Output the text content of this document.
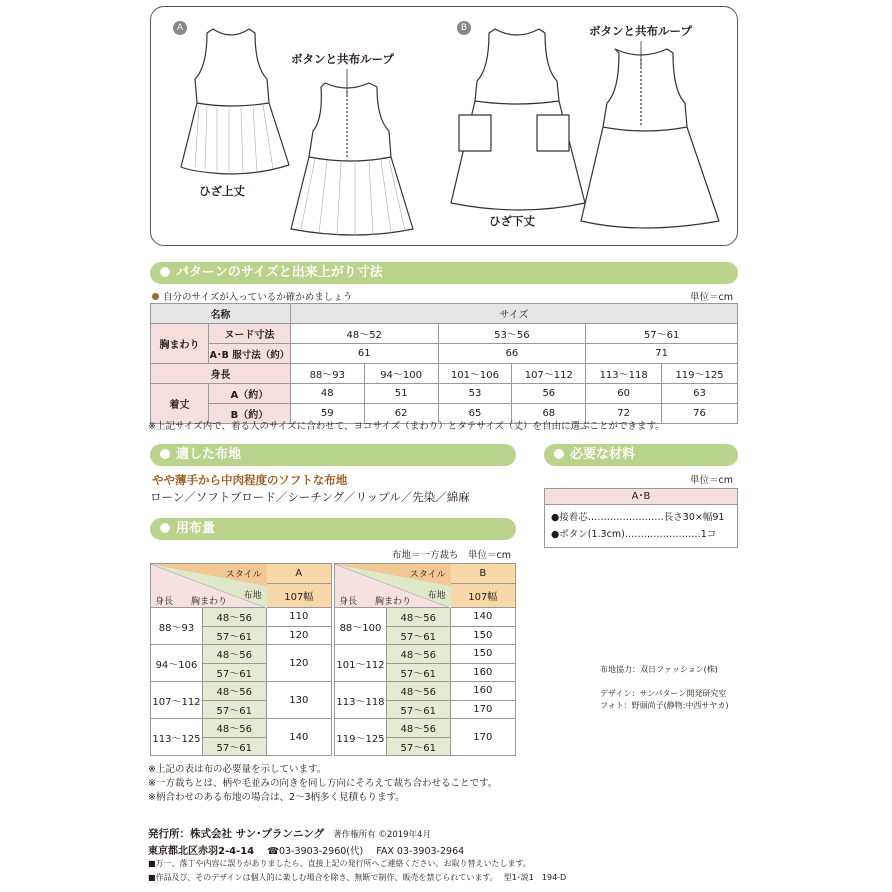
A	B
ひざ上丈
ひざ下丈
ボタンと共布ループ
ボタンと共布ループ
パターンのサイズと出来上がり寸法
自分のサイズが入っているか確かめましょう	単位＝cm
名称		サイズ					
胸まわり	ヌード寸法	48〜52		53〜56		57〜61	
	A･B 服寸法（約）	61		66		71	
身長		88〜93	94〜100	101〜106	107〜112	113〜118	119〜125
着丈	A（約）	48	51	53	56	60	63
	B（約）	59	62	65	68	72	76
※上記サイズ内で、着る人のサイズに合わせて、ヨコサイズ（まわり）とタテサイズ（丈）を自由に選ぶことができます。
適した布地
やや薄手から中肉程度のソフトな布地
ローン／ソフトブロード／シーチング／リップル／先染／綿麻
必要な材料
単位＝cm
A･B
●接着芯……………………長さ30×幅91
●ボタン(1.3cm)……………………1コ
用布量
布地＝一方裁ち　単位＝cm
スタイル
布地
身長 胸まわり		A
		107幅
88〜93	48〜56	110
	57〜61	120
94〜106	48〜56	120
	57〜61	
107〜112	48〜56	130
	57〜61	
113〜125	48〜56	140
	57〜61	
スタイル
布地
身長 胸まわり		B
		107幅
88〜100	48〜56	140
	57〜61	150
101〜112	48〜56	150
	57〜61	160
113〜118	48〜56	160
	57〜61	170
119〜125	48〜56	170
	57〜61	
※上記の表は布の必要量を示しています。
※一方裁ちとは、柄や毛並みの向きを同し方向にそろえて裁ち合わせることです。
※柄合わせのある布地の場合は、2〜3柄多く見積もります。
布地協力：双日ファッション(株)
デザイン：サンパターン開発研究室
フォト：野頭尚子(静物:中西サヤカ)
発行所：株式会社 サン･プランニング 著作権所有 ©2019年4月
東京都北区赤羽2-4-14 ☎03-3903-2960(代) FAX 03-3903-2964
■万一、落丁や内容に誤りがありましたら、直接上記の発行所へご連絡ください。お取り替えいたします。
■作品及び、そのデザインは個人的に楽しむ場合を除き、無断で制作、販売を禁じられています。 型1･説1　194-D
